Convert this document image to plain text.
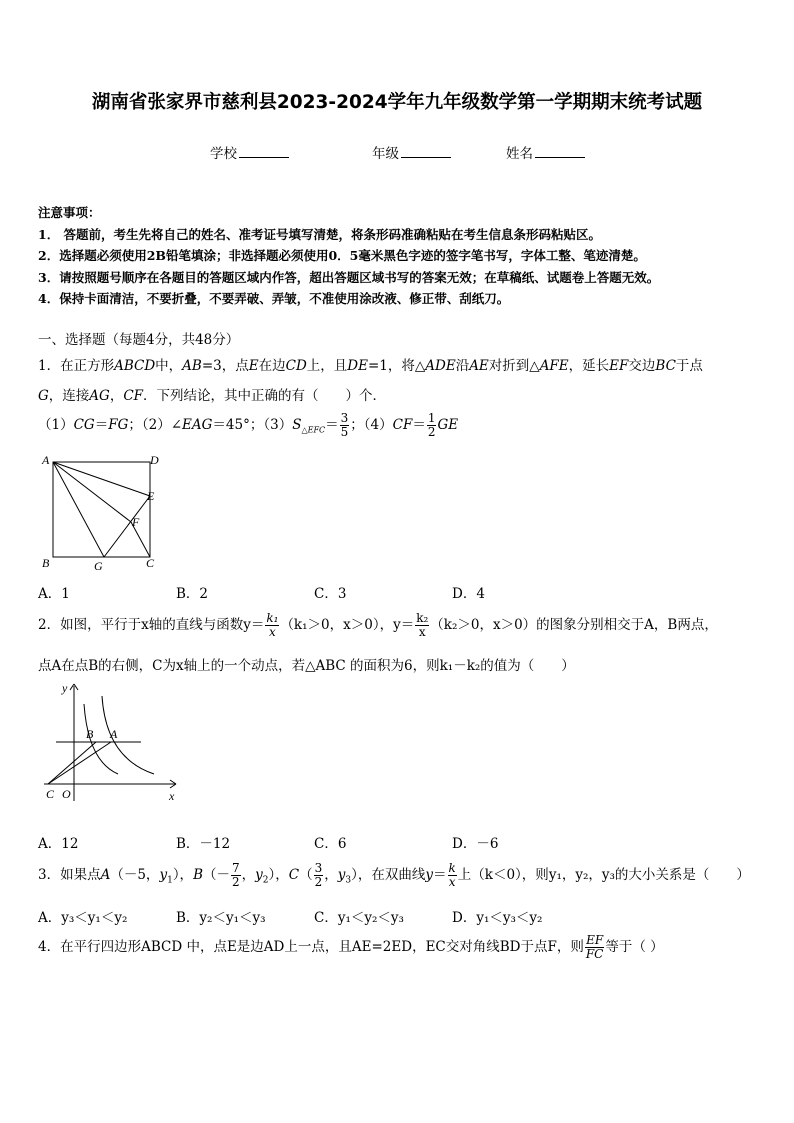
湖南省张家界市慈利县2023-2024学年九年级数学第一学期期末统考试题
学校	年级	姓名
注意事项：
1． 答题前，考生先将自己的姓名、准考证号填写清楚，将条形码准确粘贴在考生信息条形码粘贴区。
2．选择题必须使用2B铅笔填涂；非选择题必须使用0．5毫米黑色字迹的签字笔书写，字体工整、笔迹清楚。
3．请按照题号顺序在各题目的答题区域内作答，超出答题区域书写的答案无效；在草稿纸、试题卷上答题无效。
4．保持卡面清洁，不要折叠，不要弄破、弄皱，不准使用涂改液、修正带、刮纸刀。
一、选择题（每题4分，共48分）
1．在正方形ABCD中，AB=3，点E在边CD上，且DE=1，将△ADE沿AE对折到△AFE，延长EF交边BC于点
G，连接AG，CF．下列结论，其中正确的有（　　）个．
（1）CG＝FG；（2）∠EAG＝45°；$(3)S_{\triangle EFC}= \frac{3}{5}$ ；$(4)CF= \frac{1}{2}$ GE
A	D
E
F
B	G	C
A．1	B．2	C．3	D．4
2．如图，平行于x轴的直线与函数$y= \frac{\text{k₁}}{x} (k_1>0$，x＞0），$y= \frac{\text{k₂}}{x} (k_2>0$，x＞0）的图象分别相交于A，B两点，
点A在点B的右侧，C为x轴上的一个动点，若△ABC 的面积为6，则k₁－k₂的值为（　　）
y
x
B A
C O
A．12	B．－12	C．6	D．－6
3．如果点A（－5，$y_1$），$B(- \frac{7}{2}$ ，$y_2$），$C( \frac{3}{2}$ ，$y_3$），在双曲线$y= \frac{k}{x}$ 上（k＜0），则y₁，y₂，y₃的大小关系是（　　）
A．y₃＜y₁＜y₂	B．y₂＜y₁＜y₃	C．y₁＜y₂＜y₃	D．y₁＜y₃＜y₂
4．在平行四边形ABCD 中，点E是边AD上一点，且AE=2ED，EC交对角线BD于点F，则 $\frac{EF}{FC}$ 等于（ ）
